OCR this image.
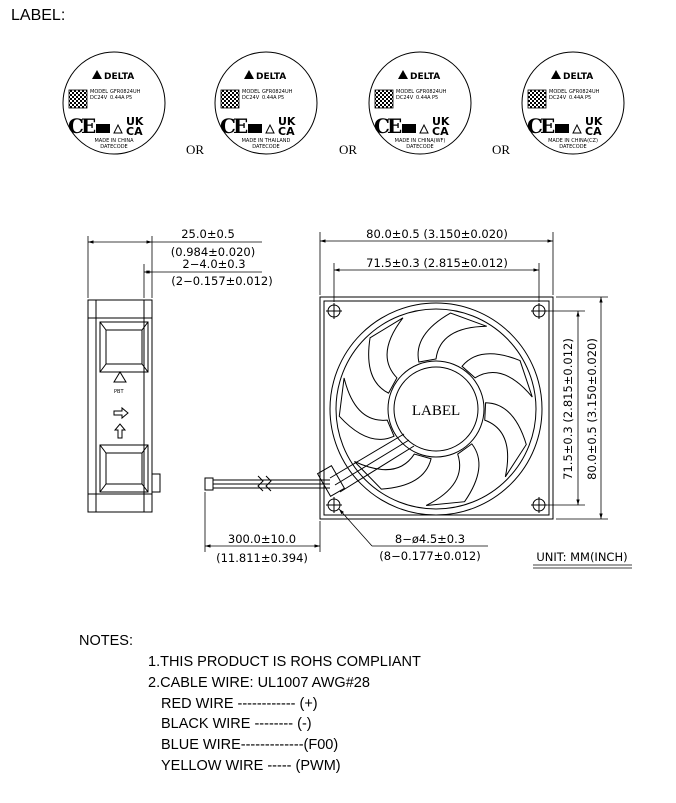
LABEL:
DELTA
MODEL GFR0824UH
DC24V 0.44A P5
C
E	UK
CA
MADE IN CHINA
DATECODE
DELTA
MODEL GFR0824UH
DC24V 0.44A P5
C
E	UK
CA
MADE IN THAILAND
DATECODE
DELTA
MODEL GFR0824UH
DC24V 0.44A P5
C
E	UK
CA
MADE IN CHINA(WF)
DATECODE
DELTA
MODEL GFR0824UH
DC24V 0.44A P5
C
E	UK
CA
MADE IN CHINA(CZ)
DATECODE
OR	OR	OR
PBT
LABEL
25.0±0.5
(0.984±0.020)
2−4.0±0.3
(2−0.157±0.012)
80.0±0.5 (3.150±0.020)
71.5±0.3 (2.815±0.012)
71.5±0.3 (2.815±0.012) 80.0±0.5 (3.150±0.020)
300.0±10.0
(11.811±0.394)
8−ø4.5±0.3
(8−0.177±0.012)	UNIT: MM(INCH)
NOTES:
1.THIS PRODUCT IS ROHS COMPLIANT
2.CABLE WIRE: UL1007 AWG#28
RED WIRE ------------ (+)
BLACK WIRE -------- (-)
BLUE WIRE-------------(F00)
YELLOW WIRE ----- (PWM)
